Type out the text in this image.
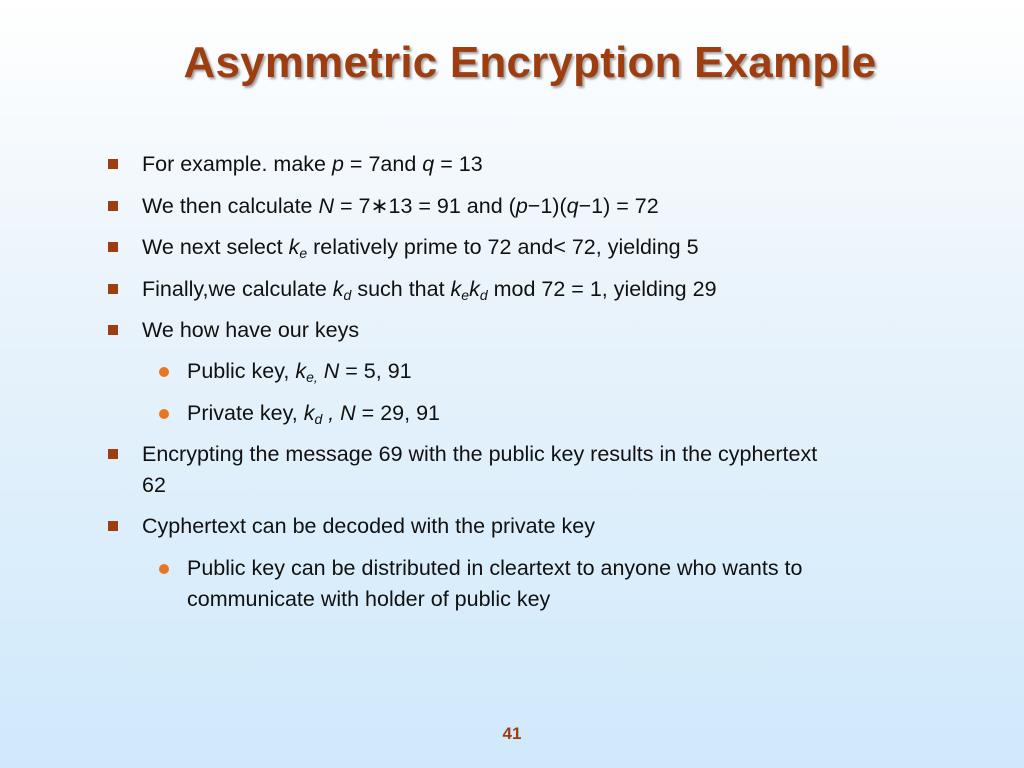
Asymmetric Encryption Example
For example. make p = 7and q = 13
We then calculate N = 7∗13 = 91 and (p−1)(q−1) = 72
We next select $k_e$ relatively prime to 72 and< 72, yielding 5
Finally,we calculate $k_d$ such that $k_ek_d$ mod 72 = 1, yielding 29
We how have our keys
Public key, $k_{e,}$ N = 5, 91
Private key, $k_d$ , N = 29, 91
Encrypting the message 69 with the public key results in the cyphertext 62
Cyphertext can be decoded with the private key
Public key can be distributed in cleartext to anyone who wants to communicate with holder of public key
41
